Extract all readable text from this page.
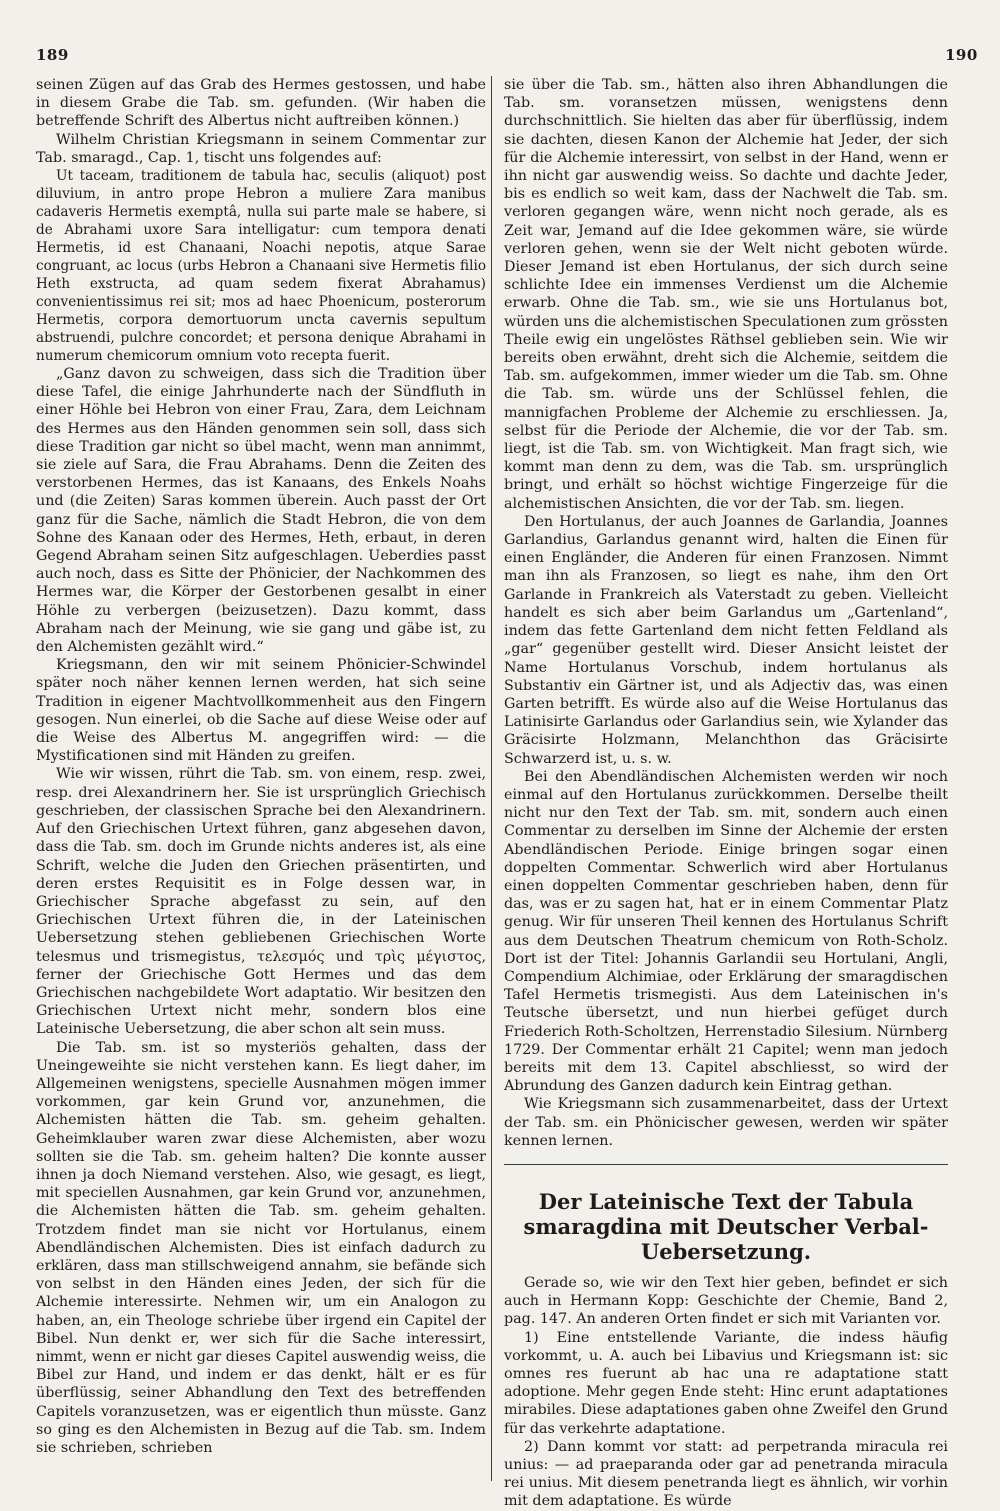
189	190

seinen Zügen auf das Grab des Hermes gestossen, und habe in diesem Grabe die Tab. sm. gefunden. (Wir haben die betreffende Schrift des Albertus nicht auftreiben können.)

Wilhelm Christian Kriegsmann in seinem Commentar zur Tab. smaragd., Cap. 1, tischt uns folgendes auf:

Ut taceam, traditionem de tabula hac, seculis (aliquot) post diluvium, in antro prope Hebron a muliere Zara manibus cadaveris Hermetis exemptâ, nulla sui parte male se habere, si de Abrahami uxore Sara intelligatur: cum tempora denati Hermetis, id est Chanaani, Noachi nepotis, atque Sarae congruant, ac locus (urbs Hebron a Chanaani sive Hermetis filio Heth exstructa, ad quam sedem fixerat Abrahamus) convenientissimus rei sit; mos ad haec Phoenicum, posterorum Hermetis, corpora demortuorum uncta cavernis sepultum abstruendi, pulchre concordet; et persona denique Abrahami in numerum chemicorum omnium voto recepta fuerit.

„Ganz davon zu schweigen, dass sich die Tradition über diese Tafel, die einige Jahrhunderte nach der Sündfluth in einer Höhle bei Hebron von einer Frau, Zara, dem Leichnam des Hermes aus den Händen genommen sein soll, dass sich diese Tradition gar nicht so übel macht, wenn man annimmt, sie ziele auf Sara, die Frau Abrahams. Denn die Zeiten des verstorbenen Hermes, das ist Kanaans, des Enkels Noahs und (die Zeiten) Saras kommen überein. Auch passt der Ort ganz für die Sache, nämlich die Stadt Hebron, die von dem Sohne des Kanaan oder des Hermes, Heth, erbaut, in deren Gegend Abraham seinen Sitz aufgeschlagen. Ueberdies passt auch noch, dass es Sitte der Phönicier, der Nachkommen des Hermes war, die Körper der Gestorbenen gesalbt in einer Höhle zu verbergen (beizusetzen). Dazu kommt, dass Abraham nach der Meinung, wie sie gang und gäbe ist, zu den Alchemisten gezählt wird.“

Kriegsmann, den wir mit seinem Phönicier-Schwindel später noch näher kennen lernen werden, hat sich seine Tradition in eigener Machtvollkommenheit aus den Fingern gesogen. Nun einerlei, ob die Sache auf diese Weise oder auf die Weise des Albertus M. angegriffen wird: — die Mystificationen sind mit Händen zu greifen.

Wie wir wissen, rührt die Tab. sm. von einem, resp. zwei, resp. drei Alexandrinern her. Sie ist ursprünglich Griechisch geschrieben, der classischen Sprache bei den Alexandrinern. Auf den Griechischen Urtext führen, ganz abgesehen davon, dass die Tab. sm. doch im Grunde nichts anderes ist, als eine Schrift, welche die Juden den Griechen präsentirten, und deren erstes Requisitit es in Folge dessen war, in Griechischer Sprache abgefasst zu sein, auf den Griechischen Urtext führen die, in der Lateinischen Uebersetzung stehen gebliebenen Griechischen Worte telesmus und trismegistus, τελεσμός und τρὶς μέγιστος, ferner der Griechische Gott Hermes und das dem Griechischen nachgebildete Wort adaptatio. Wir besitzen den Griechischen Urtext nicht mehr, sondern blos eine Lateinische Uebersetzung, die aber schon alt sein muss.

Die Tab. sm. ist so mysteriös gehalten, dass der Uneingeweihte sie nicht verstehen kann. Es liegt daher, im Allgemeinen wenigstens, specielle Ausnahmen mögen immer vorkommen, gar kein Grund vor, anzunehmen, die Alchemisten hätten die Tab. sm. geheim gehalten. Geheimklauber waren zwar diese Alchemisten, aber wozu sollten sie die Tab. sm. geheim halten? Die konnte ausser ihnen ja doch Niemand verstehen. Also, wie gesagt, es liegt, mit speciellen Ausnahmen, gar kein Grund vor, anzunehmen, die Alchemisten hätten die Tab. sm. geheim gehalten. Trotzdem findet man sie nicht vor Hortulanus, einem Abendländischen Alchemisten. Dies ist einfach dadurch zu erklären, dass man stillschweigend annahm, sie befände sich von selbst in den Händen eines Jeden, der sich für die Alchemie interessirte. Nehmen wir, um ein Analogon zu haben, an, ein Theologe schriebe über irgend ein Capitel der Bibel. Nun denkt er, wer sich für die Sache interessirt, nimmt, wenn er nicht gar dieses Capitel auswendig weiss, die Bibel zur Hand, und indem er das denkt, hält er es für überflüssig, seiner Abhandlung den Text des betreffenden Capitels voranzusetzen, was er eigentlich thun müsste. Ganz so ging es den Alchemisten in Bezug auf die Tab. sm. Indem sie schrieben, schrieben

sie über die Tab. sm., hätten also ihren Abhandlungen die Tab. sm. voransetzen müssen, wenigstens denn durchschnittlich. Sie hielten das aber für überflüssig, indem sie dachten, diesen Kanon der Alchemie hat Jeder, der sich für die Alchemie interessirt, von selbst in der Hand, wenn er ihn nicht gar auswendig weiss. So dachte und dachte Jeder, bis es endlich so weit kam, dass der Nachwelt die Tab. sm. verloren gegangen wäre, wenn nicht noch gerade, als es Zeit war, Jemand auf die Idee gekommen wäre, sie würde verloren gehen, wenn sie der Welt nicht geboten würde. Dieser Jemand ist eben Hortulanus, der sich durch seine schlichte Idee ein immenses Verdienst um die Alchemie erwarb. Ohne die Tab. sm., wie sie uns Hortulanus bot, würden uns die alchemistischen Speculationen zum grössten Theile ewig ein ungelöstes Räthsel geblieben sein. Wie wir bereits oben erwähnt, dreht sich die Alchemie, seitdem die Tab. sm. aufgekommen, immer wieder um die Tab. sm. Ohne die Tab. sm. würde uns der Schlüssel fehlen, die mannigfachen Probleme der Alchemie zu erschliessen. Ja, selbst für die Periode der Alchemie, die vor der Tab. sm. liegt, ist die Tab. sm. von Wichtigkeit. Man fragt sich, wie kommt man denn zu dem, was die Tab. sm. ursprünglich bringt, und erhält so höchst wichtige Fingerzeige für die alchemistischen Ansichten, die vor der Tab. sm. liegen.

Den Hortulanus, der auch Joannes de Garlandia, Joannes Garlandius, Garlandus genannt wird, halten die Einen für einen Engländer, die Anderen für einen Franzosen. Nimmt man ihn als Franzosen, so liegt es nahe, ihm den Ort Garlande in Frankreich als Vaterstadt zu geben. Vielleicht handelt es sich aber beim Garlandus um „Gartenland“, indem das fette Gartenland dem nicht fetten Feldland als „gar“ gegenüber gestellt wird. Dieser Ansicht leistet der Name Hortulanus Vorschub, indem hortulanus als Substantiv ein Gärtner ist, und als Adjectiv das, was einen Garten betrifft. Es würde also auf die Weise Hortulanus das Latinisirte Garlandus oder Garlandius sein, wie Xylander das Gräcisirte Holzmann, Melanchthon das Gräcisirte Schwarzerd ist, u. s. w.

Bei den Abendländischen Alchemisten werden wir noch einmal auf den Hortulanus zurückkommen. Derselbe theilt nicht nur den Text der Tab. sm. mit, sondern auch einen Commentar zu derselben im Sinne der Alchemie der ersten Abendländischen Periode. Einige bringen sogar einen doppelten Commentar. Schwerlich wird aber Hortulanus einen doppelten Commentar geschrieben haben, denn für das, was er zu sagen hat, hat er in einem Commentar Platz genug. Wir für unseren Theil kennen des Hortulanus Schrift aus dem Deutschen Theatrum chemicum von Roth-Scholz. Dort ist der Titel: Johannis Garlandii seu Hortulani, Angli, Compendium Alchimiae, oder Erklärung der smaragdischen Tafel Hermetis trismegisti. Aus dem Lateinischen in's Teutsche übersetzt, und nun hierbei gefüget durch Friederich Roth-Scholtzen, Herrenstadio Silesium. Nürnberg 1729. Der Commentar erhält 21 Capitel; wenn man jedoch bereits mit dem 13. Capitel abschliesst, so wird der Abrundung des Ganzen dadurch kein Eintrag gethan.

Wie Kriegsmann sich zusammenarbeitet, dass der Urtext der Tab. sm. ein Phönicischer gewesen, werden wir später kennen lernen.

Der Lateinische Text der Tabula smaragdina mit Deutscher Verbal-Uebersetzung.

Gerade so, wie wir den Text hier geben, befindet er sich auch in Hermann Kopp: Geschichte der Chemie, Band 2, pag. 147. An anderen Orten findet er sich mit Varianten vor.

1) Eine entstellende Variante, die indess häufig vorkommt, u. A. auch bei Libavius und Kriegsmann ist: sic omnes res fuerunt ab hac una re adaptatione statt adoptione. Mehr gegen Ende steht: Hinc erunt adaptationes mirabiles. Diese adaptationes gaben ohne Zweifel den Grund für das verkehrte adaptatione.

2) Dann kommt vor statt: ad perpetranda miracula rei unius: — ad praeparanda oder gar ad penetranda miracula rei unius. Mit diesem penetranda liegt es ähnlich, wir vorhin mit dem adaptatione. Es würde
